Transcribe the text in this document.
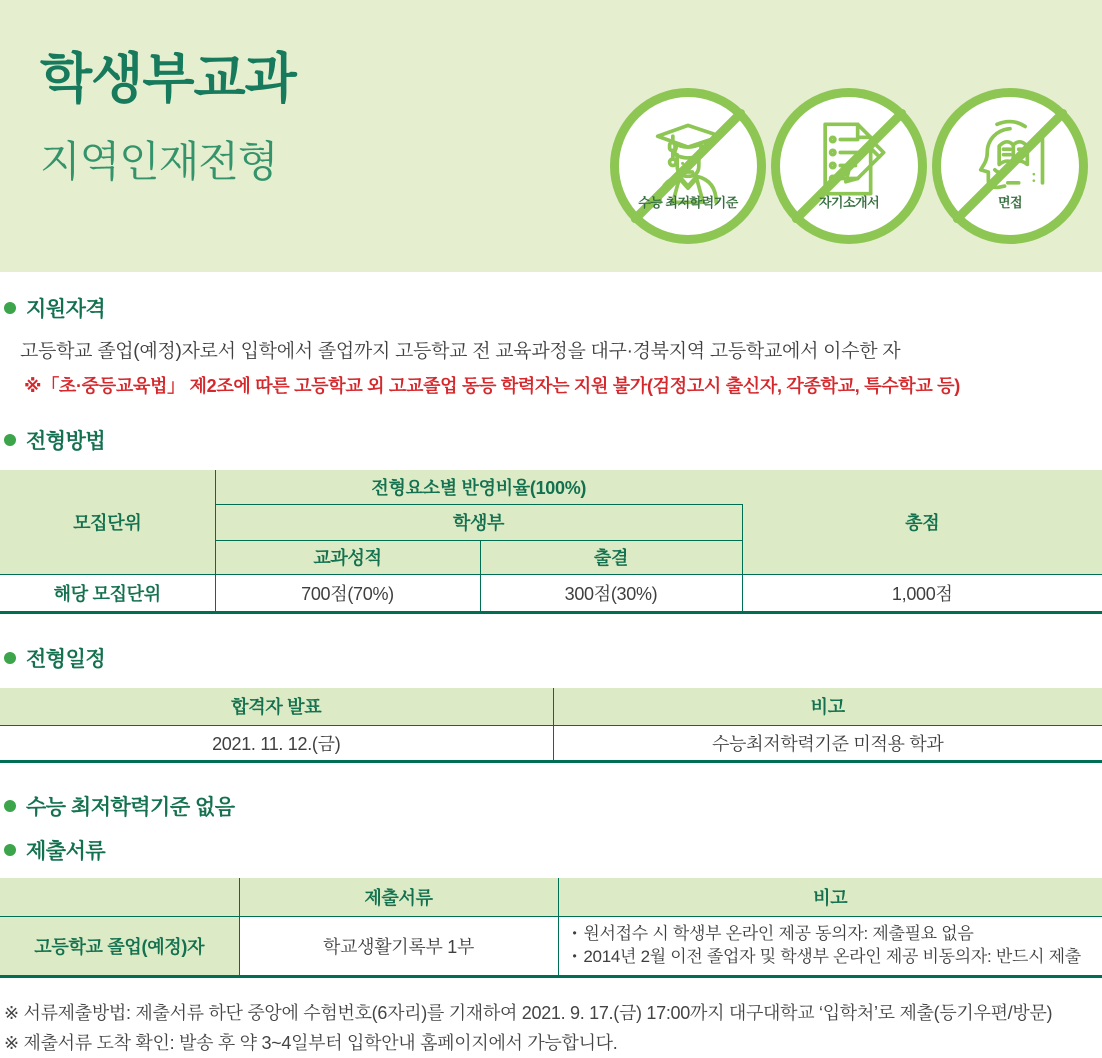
학생부교과
지역인재전형
수능 최저학력기준	자기소개서	면접
지원자격
고등학교 졸업(예정)자로서 입학에서 졸업까지 고등학교 전 교육과정을 대구·경북지역 고등학교에서 이수한 자
※「초·중등교육법」 제2조에 따른 고등학교 외 고교졸업 동등 학력자는 지원 불가(검정고시 출신자, 각종학교, 특수학교 등)
전형방법
모집단위	전형요소별 반영비율(100%)		총점
	학생부		
	교과성적	출결	
해당 모집단위	700점(70%)	300점(30%)	1,000점
전형일정
합격자 발표	비고
2021. 11. 12.(금)	수능최저학력기준 미적용 학과
수능 최저학력기준 없음
제출서류
	제출서류	비고
고등학교 졸업(예정)자	학교생활기록부 1부	• 원서접수 시 학생부 온라인 제공 동의자: 제출필요 없음
• 2014년 2월 이전 졸업자 및 학생부 온라인 제공 비동의자: 반드시 제출
※ 서류제출방법: 제출서류 하단 중앙에 수험번호(6자리)를 기재하여 2021. 9. 17.(금) 17:00까지 대구대학교 ‘입학처’로 제출(등기우편/방문)
※ 제출서류 도착 확인: 발송 후 약 3~4일부터 입학안내 홈페이지에서 가능합니다.
